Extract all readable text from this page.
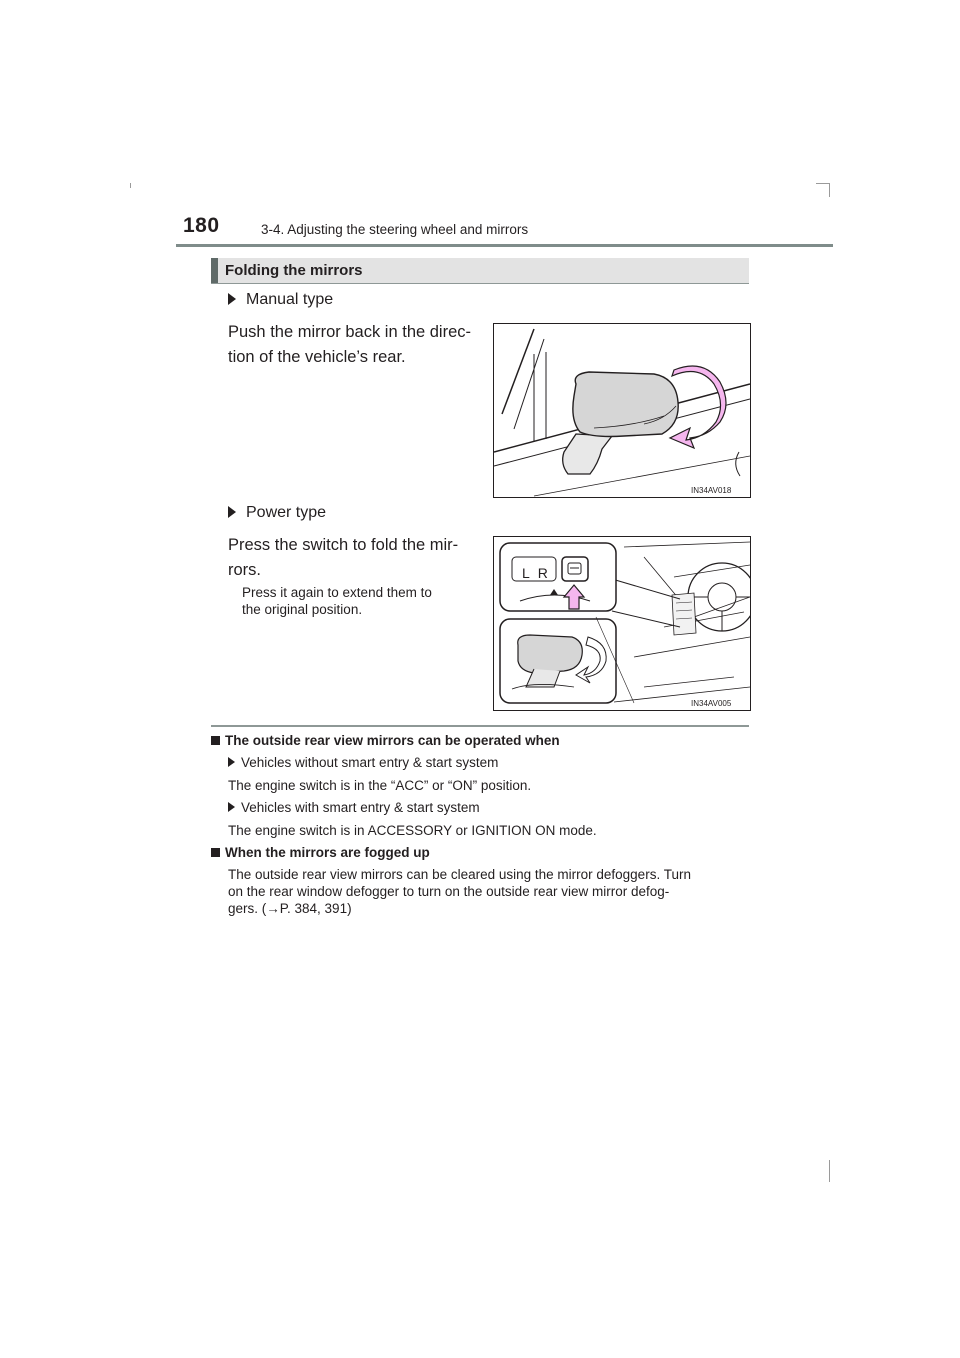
180	3-4. Adjusting the steering wheel and mirrors
Folding the mirrors
Manual type
Push the mirror back in the direc-
tion of the vehicle’s rear.
IN34AV018
Power type
Press the switch to fold the mir-
rors.
Press it again to extend them to
the original position.
LR
IN34AV005
The outside rear view mirrors can be operated when
Vehicles without smart entry & start system
The engine switch is in the “ACC” or “ON” position.
Vehicles with smart entry & start system
The engine switch is in ACCESSORY or IGNITION ON mode.
When the mirrors are fogged up
The outside rear view mirrors can be cleared using the mirror defoggers. Turn
on the rear window defogger to turn on the outside rear view mirror defog-
gers. (→P. 384, 391)
